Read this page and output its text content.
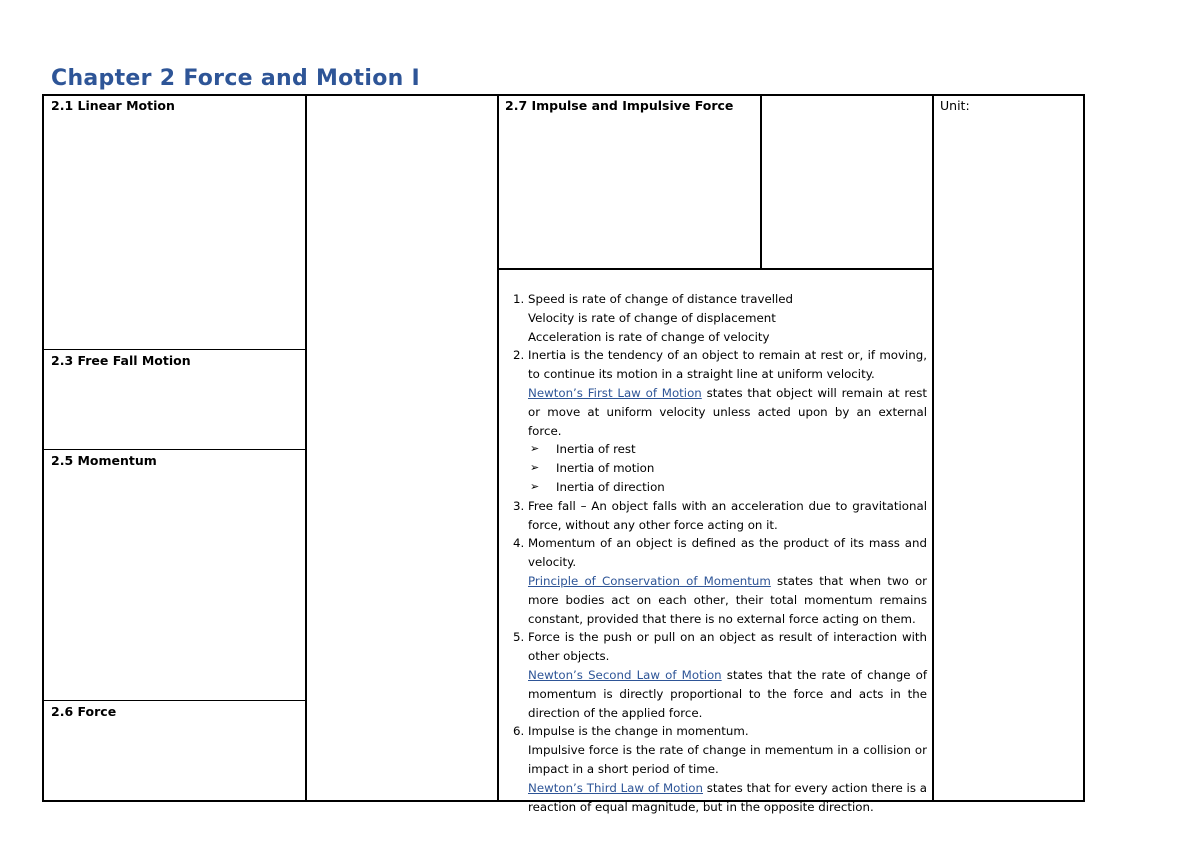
Chapter 2 Force and Motion I
2.1 Linear Motion
2.3 Free Fall Motion
2.5 Momentum
2.6 Force
2.7 Impulse and Impulsive Force	Unit:
1. Speed is rate of change of distance travelled
Velocity is rate of change of displacement
Acceleration is rate of change of velocity
2. Inertia is the tendency of an object to remain at rest or, if moving, to continue its motion in a straight line at uniform velocity.
Newton’s First Law of Motion states that object will remain at rest or move at uniform velocity unless acted upon by an external force.
➢ Inertia of rest
➢ Inertia of motion
➢ Inertia of direction
3. Free fall – An object falls with an acceleration due to gravitational force, without any other force acting on it.
4. Momentum of an object is defined as the product of its mass and velocity.
Principle of Conservation of Momentum states that when two or more bodies act on each other, their total momentum remains constant, provided that there is no external force acting on them.
5. Force is the push or pull on an object as result of interaction with other objects.
Newton’s Second Law of Motion states that the rate of change of momentum is directly proportional to the force and acts in the direction of the applied force.
6. Impulse is the change in momentum.
Impulsive force is the rate of change in mementum in a collision or impact in a short period of time.
Newton’s Third Law of Motion states that for every action there is a reaction of equal magnitude, but in the opposite direction.
